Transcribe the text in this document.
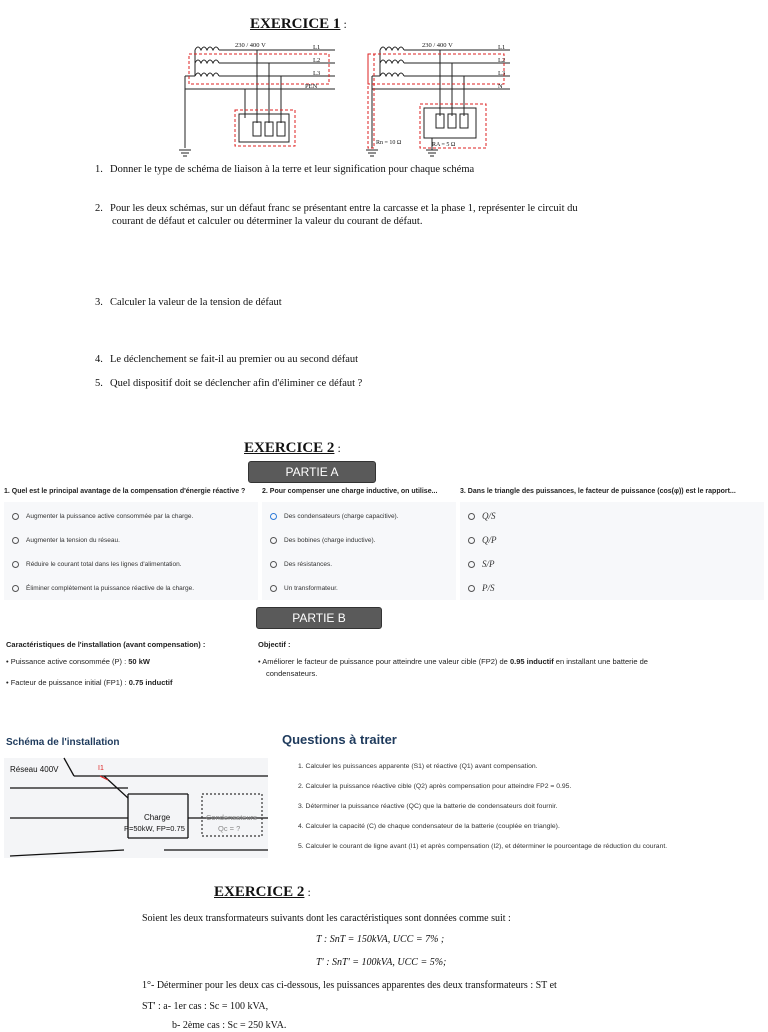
EXERCICE 1 :
230 / 400 V	L1
L2
L3
PEN
230 / 400 V	L1
L2
L3
N
Rn = 10 Ω	RA = 5 Ω
1. Donner le type de schéma de liaison à la terre et leur signification pour chaque schéma
2. Pour les deux schémas, sur un défaut franc se présentant entre la carcasse et la phase 1, représenter le circuit du
courant de défaut et calculer ou déterminer la valeur du courant de défaut.
3. Calculer la valeur de la tension de défaut
4. Le déclenchement se fait-il au premier ou au second défaut
5. Quel dispositif doit se déclencher afin d'éliminer ce défaut ?
EXERCICE 2 :
PARTIE A
1. Quel est le principal avantage de la compensation d'énergie réactive ?
Augmenter la puissance active consommée par la charge.
Augmenter la tension du réseau.
Réduire le courant total dans les lignes d'alimentation.
Éliminer complètement la puissance réactive de la charge.
2. Pour compenser une charge inductive, on utilise...
Des condensateurs (charge capacitive).
Des bobines (charge inductive).
Des résistances.
Un transformateur.
3. Dans le triangle des puissances, le facteur de puissance (cos(φ)) est le rapport...
Q/S
Q/P
S/P
P/S
PARTIE B
Caractéristiques de l'installation (avant compensation) :
• Puissance active consommée (P) : 50 kW
• Facteur de puissance initial (FP1) : 0.75 inductif
Objectif :
• Améliorer le facteur de puissance pour atteindre une valeur cible (FP2) de 0.95 inductif en installant une batterie de
condensateurs.
Schéma de l'installation
Réseau 400V	I1
Charge
P=50kW, FP=0.75
Condensateurs
Qc = ?
Questions à traiter
1. Calculer les puissances apparente (S1) et réactive (Q1) avant compensation.
2. Calculer la puissance réactive cible (Q2) après compensation pour atteindre FP2 = 0.95.
3. Déterminer la puissance réactive (QC) que la batterie de condensateurs doit fournir.
4. Calculer la capacité (C) de chaque condensateur de la batterie (couplée en triangle).
5. Calculer le courant de ligne avant (I1) et après compensation (I2), et déterminer le pourcentage de réduction du courant.
EXERCICE 2 :
Soient les deux transformateurs suivants dont les caractéristiques sont données comme suit :
T : SnT = 150kVA, UCC = 7% ;
T' : SnT' = 100kVA, UCC = 5%;
1°- Déterminer pour les deux cas ci-dessous, les puissances apparentes des deux transformateurs : ST et
ST' : a- 1er cas : Sc = 100 kVA,
b- 2ème cas : Sc = 250 kVA.
